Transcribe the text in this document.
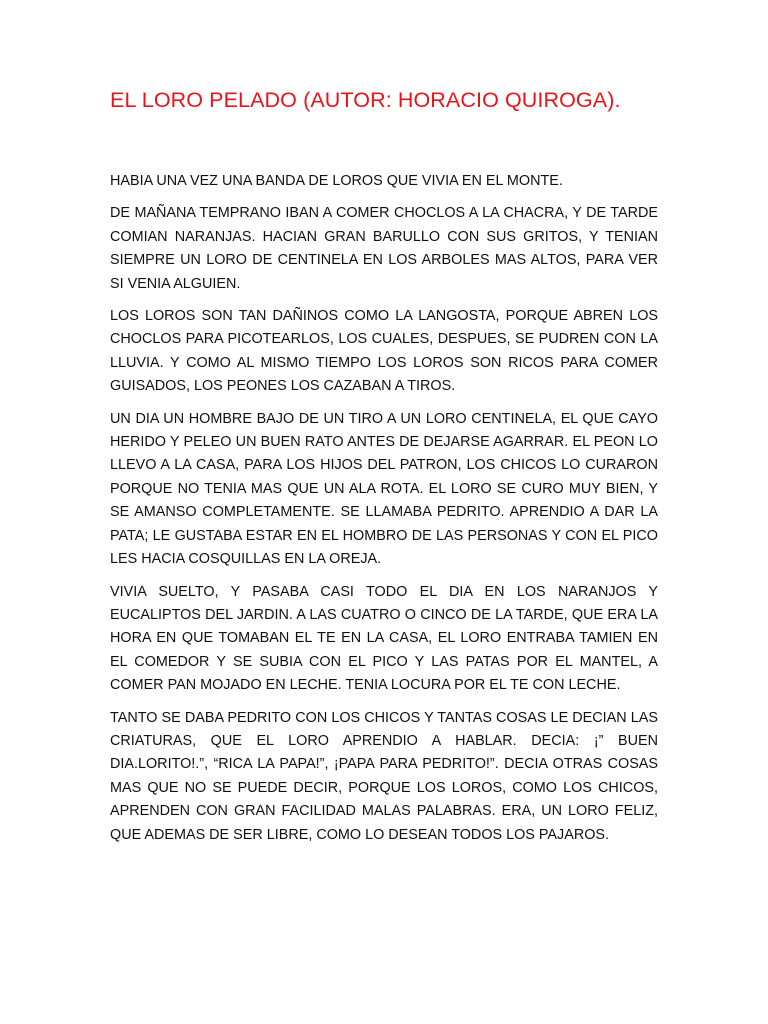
EL LORO PELADO (AUTOR: HORACIO QUIROGA).

HABIA UNA VEZ UNA BANDA DE LOROS QUE VIVIA EN EL MONTE.

DE MAÑANA TEMPRANO IBAN A COMER CHOCLOS A LA CHACRA, Y DE TARDE COMIAN NARANJAS. HACIAN GRAN BARULLO CON SUS GRITOS, Y TENIAN SIEMPRE UN LORO DE CENTINELA EN LOS ARBOLES MAS ALTOS, PARA VER SI VENIA ALGUIEN.

LOS LOROS SON TAN DAÑINOS COMO LA LANGOSTA, PORQUE ABREN LOS CHOCLOS PARA PICOTEARLOS, LOS CUALES, DESPUES, SE PUDREN CON LA LLUVIA. Y COMO AL MISMO TIEMPO LOS LOROS SON RICOS PARA COMER GUISADOS, LOS PEONES LOS CAZABAN A TIROS.

UN DIA UN HOMBRE BAJO DE UN TIRO A UN LORO CENTINELA, EL QUE CAYO HERIDO Y PELEO UN BUEN RATO ANTES DE DEJARSE AGARRAR. EL PEON LO LLEVO A LA CASA, PARA LOS HIJOS DEL PATRON, LOS CHICOS LO CURARON PORQUE NO TENIA MAS QUE UN ALA ROTA. EL LORO SE CURO MUY BIEN, Y SE AMANSO COMPLETAMENTE. SE LLAMABA PEDRITO. APRENDIO A DAR LA PATA; LE GUSTABA ESTAR EN EL HOMBRO DE LAS PERSONAS Y CON EL PICO LES HACIA COSQUILLAS EN LA OREJA.

VIVIA SUELTO, Y PASABA CASI TODO EL DIA EN LOS NARANJOS Y EUCALIPTOS DEL JARDIN. A LAS CUATRO O CINCO DE LA TARDE, QUE ERA LA HORA EN QUE TOMABAN EL TE EN LA CASA, EL LORO ENTRABA TAMIEN EN EL COMEDOR Y SE SUBIA CON EL PICO Y LAS PATAS POR EL MANTEL, A COMER PAN MOJADO EN LECHE. TENIA LOCURA POR EL TE CON LECHE.

TANTO SE DABA PEDRITO CON LOS CHICOS Y TANTAS COSAS LE DECIAN LAS CRIATURAS, QUE EL LORO APRENDIO A HABLAR. DECIA: ¡” BUEN DIA.LORITO!.”, “RICA LA PAPA!”, ¡PAPA PARA PEDRITO!”. DECIA OTRAS COSAS MAS QUE NO SE PUEDE DECIR, PORQUE LOS LOROS, COMO LOS CHICOS, APRENDEN CON GRAN FACILIDAD MALAS PALABRAS. ERA, UN LORO FELIZ, QUE ADEMAS DE SER LIBRE, COMO LO DESEAN TODOS LOS PAJAROS.
